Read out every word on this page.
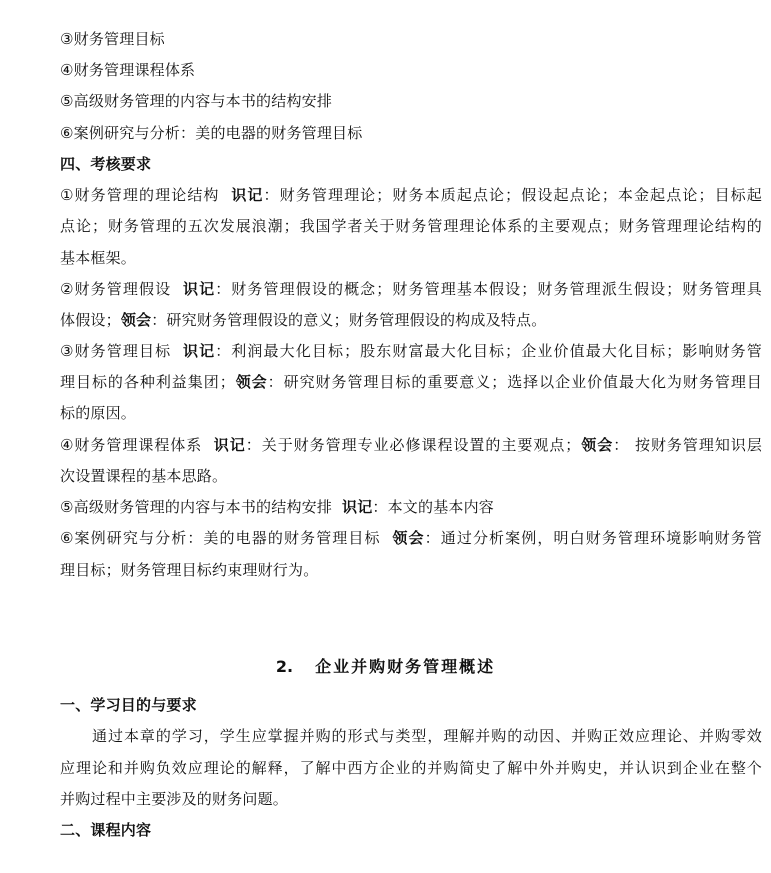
③财务管理目标
④财务管理课程体系
⑤高级财务管理的内容与本书的结构安排
⑥案例研究与分析：美的电器的财务管理目标
四、考核要求
①财务管理的理论结构 识记：财务管理理论；财务本质起点论；假设起点论；本金起点论；目标起
点论；财务管理的五次发展浪潮；我国学者关于财务管理理论体系的主要观点；财务管理理论结构的
基本框架。
②财务管理假设 识记：财务管理假设的概念；财务管理基本假设；财务管理派生假设；财务管理具
体假设；领会：研究财务管理假设的意义；财务管理假设的构成及特点。
③财务管理目标 识记：利润最大化目标；股东财富最大化目标；企业价值最大化目标；影响财务管
理目标的各种利益集团；领会：研究财务管理目标的重要意义；选择以企业价值最大化为财务管理目
标的原因。
④财务管理课程体系 识记：关于财务管理专业必修课程设置的主要观点；领会： 按财务管理知识层
次设置课程的基本思路。
⑤高级财务管理的内容与本书的结构安排 识记：本文的基本内容
⑥案例研究与分析：美的电器的财务管理目标 领会：通过分析案例，明白财务管理环境影响财务管
理目标；财务管理目标约束理财行为。
2. 企业并购财务管理概述
一、学习目的与要求
通过本章的学习，学生应掌握并购的形式与类型，理解并购的动因、并购正效应理论、并购零效
应理论和并购负效应理论的解释，了解中西方企业的并购简史了解中外并购史，并认识到企业在整个
并购过程中主要涉及的财务问题。
二、课程内容
